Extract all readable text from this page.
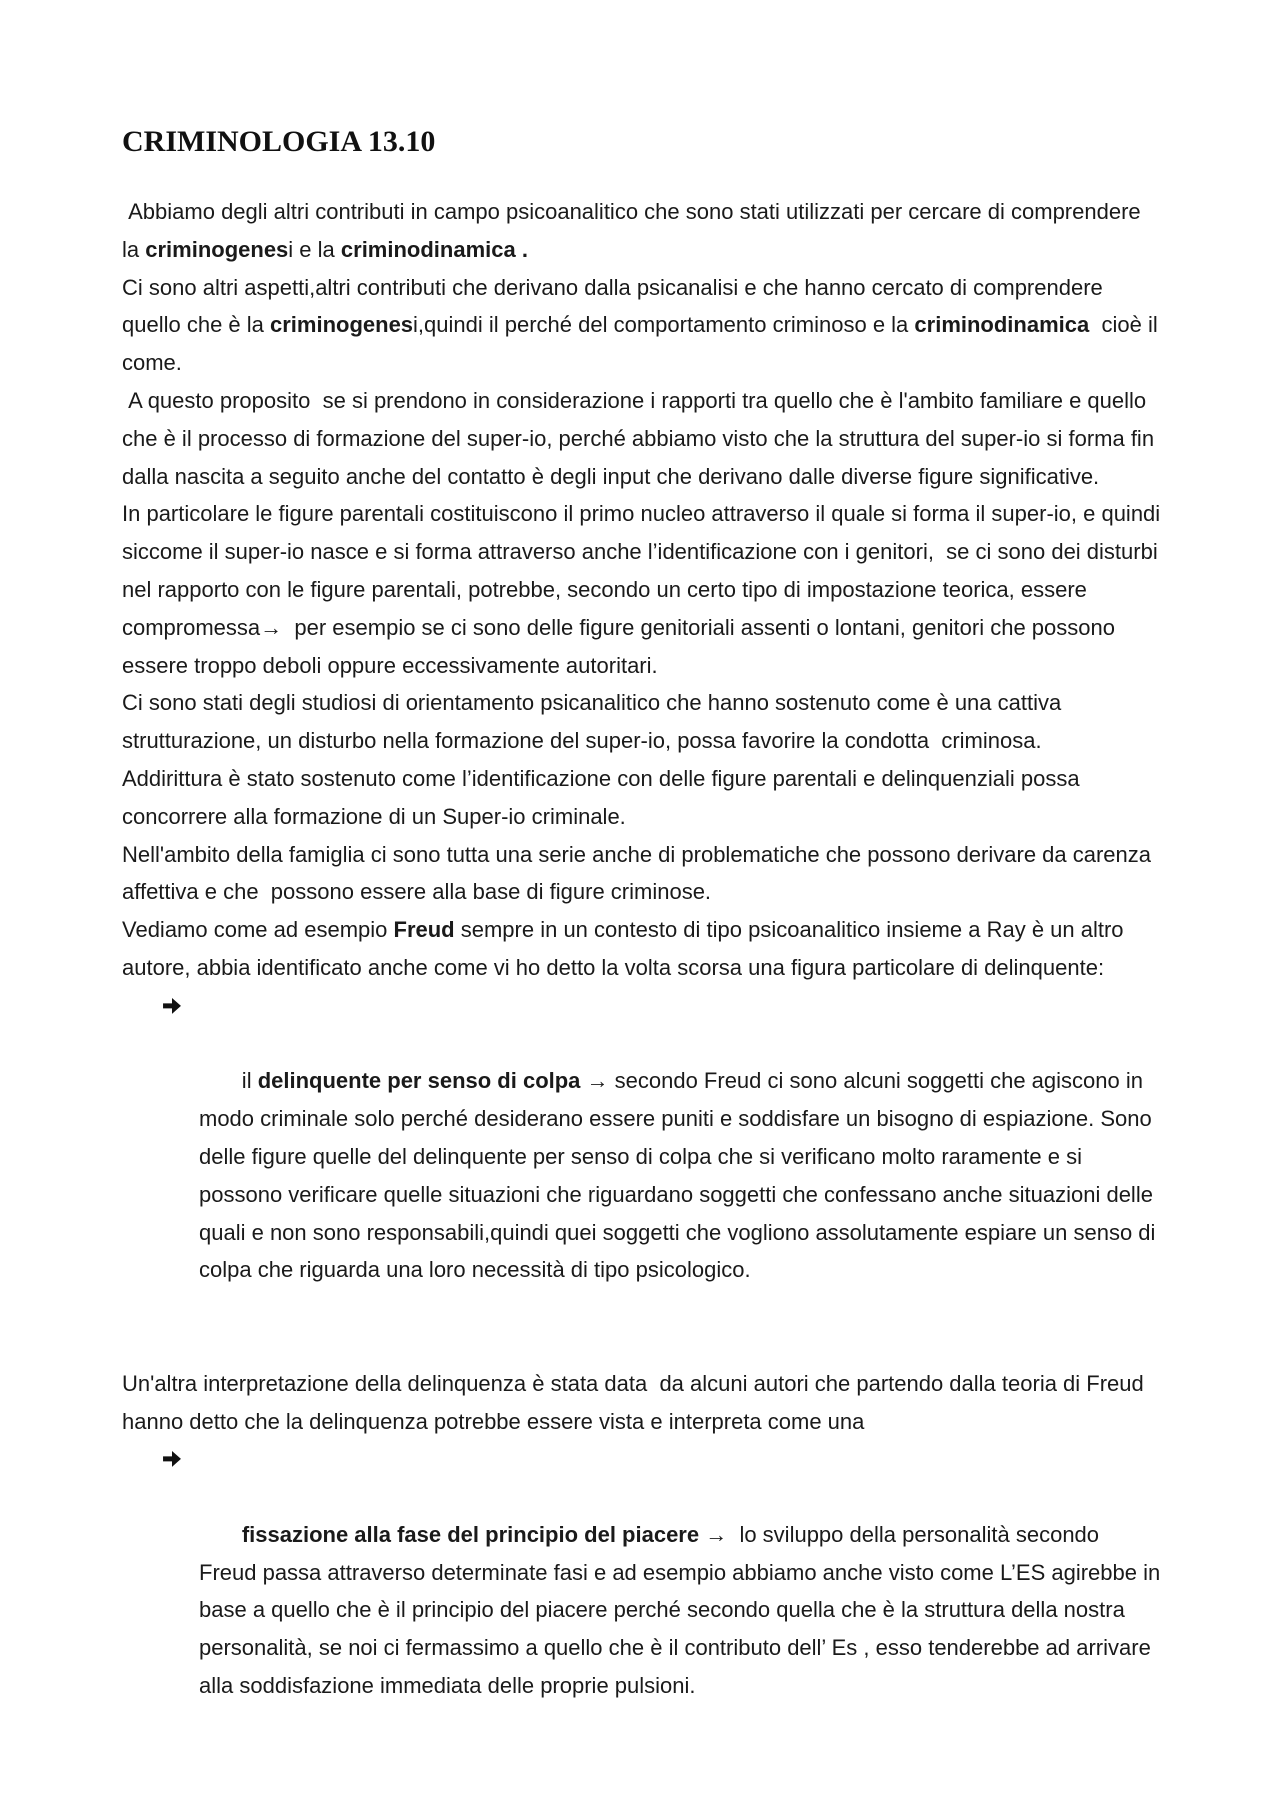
CRIMINOLOGIA 13.10

Abbiamo degli altri contributi in campo psicoanalitico che sono stati utilizzati per cercare di comprendere la criminogenesi e la criminodinamica .

Ci sono altri aspetti,altri contributi che derivano dalla psicanalisi e che hanno cercato di comprendere quello che è la criminogenesi,quindi il perché del comportamento criminoso e la criminodinamica  cioè il come.

A questo proposito  se si prendono in considerazione i rapporti tra quello che è l'ambito familiare e quello che è il processo di formazione del super-io, perché abbiamo visto che la struttura del super-io si forma fin dalla nascita a seguito anche del contatto è degli input che derivano dalle diverse figure significative.

In particolare le figure parentali costituiscono il primo nucleo attraverso il quale si forma il super-io, e quindi siccome il super-io nasce e si forma attraverso anche l’identificazione con i genitori,  se ci sono dei disturbi nel rapporto con le figure parentali, potrebbe, secondo un certo tipo di impostazione teorica, essere compromessa→  per esempio se ci sono delle figure genitoriali assenti o lontani, genitori che possono essere troppo deboli oppure eccessivamente autoritari.

Ci sono stati degli studiosi di orientamento psicanalitico che hanno sostenuto come è una cattiva strutturazione, un disturbo nella formazione del super-io, possa favorire la condotta  criminosa.

Addirittura è stato sostenuto come l’identificazione con delle figure parentali e delinquenziali possa concorrere alla formazione di un Super-io criminale.

Nell'ambito della famiglia ci sono tutta una serie anche di problematiche che possono derivare da carenza affettiva e che  possono essere alla base di figure criminose.

Vediamo come ad esempio Freud sempre in un contesto di tipo psicoanalitico insieme a Ray è un altro autore, abbia identificato anche come vi ho detto la volta scorsa una figura particolare di delinquente:

il delinquente per senso di colpa → secondo Freud ci sono alcuni soggetti che agiscono in modo criminale solo perché desiderano essere puniti e soddisfare un bisogno di espiazione. Sono delle figure quelle del delinquente per senso di colpa che si verificano molto raramente e si possono verificare quelle situazioni che riguardano soggetti che confessano anche situazioni delle quali e non sono responsabili,quindi quei soggetti che vogliono assolutamente espiare un senso di colpa che riguarda una loro necessità di tipo psicologico.

Un'altra interpretazione della delinquenza è stata data  da alcuni autori che partendo dalla teoria di Freud hanno detto che la delinquenza potrebbe essere vista e interpreta come una

fissazione alla fase del principio del piacere →  lo sviluppo della personalità secondo Freud passa attraverso determinate fasi e ad esempio abbiamo anche visto come L’ES agirebbe in base a quello che è il principio del piacere perché secondo quella che è la struttura della nostra personalità, se noi ci fermassimo a quello che è il contributo dell’ Es , esso tenderebbe ad arrivare alla soddisfazione immediata delle proprie pulsioni.
